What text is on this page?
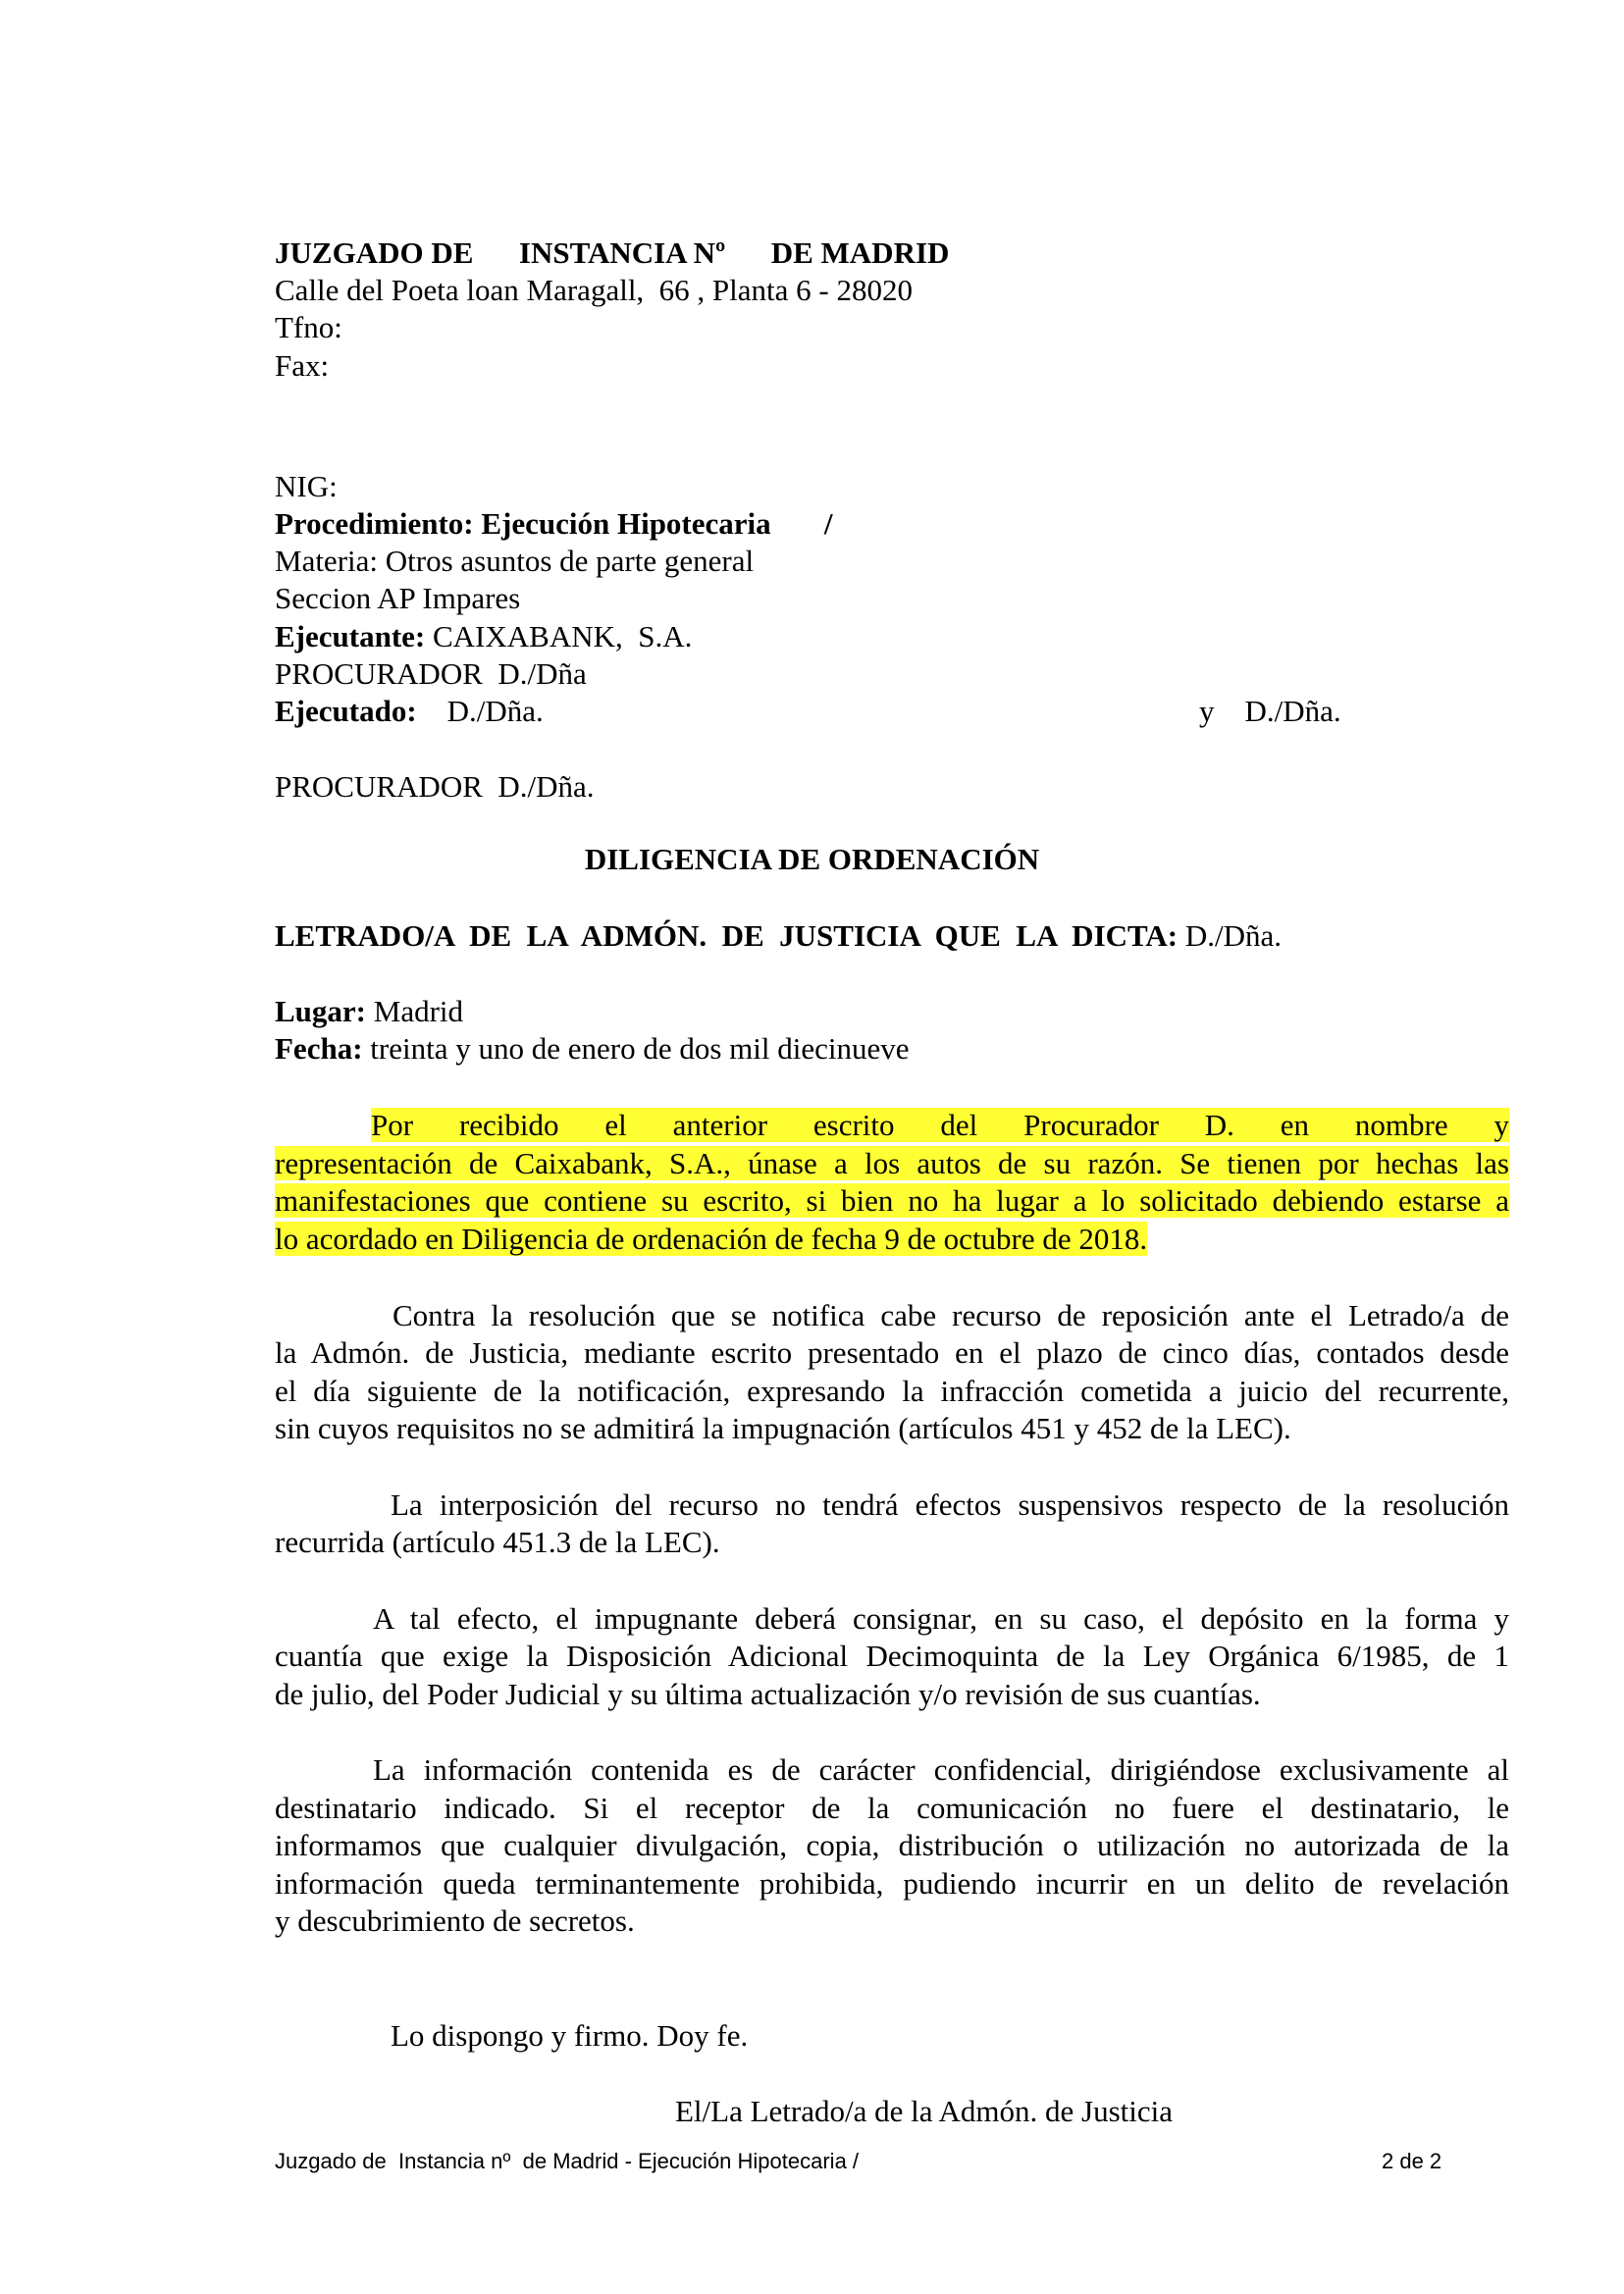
JUZGADO DE      INSTANCIA Nº      DE MADRID
Calle del Poeta loan Maragall,  66 , Planta 6 - 28020
Tfno:
Fax:
NIG:
Procedimiento: Ejecución Hipotecaria       /
Materia: Otros asuntos de parte general
Seccion AP Impares
Ejecutante: CAIXABANK,  S.A.
PROCURADOR  D./Dña
Ejecutado: D./Dña.	y    D./Dña.
PROCURADOR  D./Dña.
DILIGENCIA DE ORDENACIÓN
LETRADO/A  DE  LA  ADMÓN.  DE  JUSTICIA  QUE  LA  DICTA: D./Dña.
Lugar: Madrid
Fecha: treinta y uno de enero de dos mil diecinueve
Por recibido el anterior escrito del Procurador D. en nombre y
representación de Caixabank, S.A., únase a los autos de su razón. Se tienen por hechas las
manifestaciones que contiene su escrito, si bien no ha lugar a lo solicitado debiendo estarse a
lo acordado en Diligencia de ordenación de fecha 9 de octubre de 2018.
Contra la resolución que se notifica cabe recurso de reposición ante el Letrado/a de
la Admón. de Justicia, mediante escrito presentado en el plazo de cinco días, contados desde
el día siguiente de la notificación, expresando la infracción cometida a juicio del recurrente,
sin cuyos requisitos no se admitirá la impugnación (artículos 451 y 452 de la LEC).
La interposición del recurso no tendrá efectos suspensivos respecto de la resolución
recurrida (artículo 451.3 de la LEC).
A tal efecto, el impugnante deberá consignar, en su caso, el depósito en la forma y
cuantía que exige la Disposición Adicional Decimoquinta de la Ley Orgánica 6/1985, de 1
de julio, del Poder Judicial y su última actualización y/o revisión de sus cuantías.
La información contenida es de carácter confidencial, dirigiéndose exclusivamente al
destinatario indicado. Si el receptor de la comunicación no fuere el destinatario, le
informamos que cualquier divulgación, copia, distribución o utilización no autorizada de la
información queda terminantemente prohibida, pudiendo incurrir en un delito de revelación
y descubrimiento de secretos.
Lo dispongo y firmo. Doy fe.
El/La Letrado/a de la Admón. de Justicia
Juzgado de  Instancia nº  de Madrid - Ejecución Hipotecaria /	2 de 2
